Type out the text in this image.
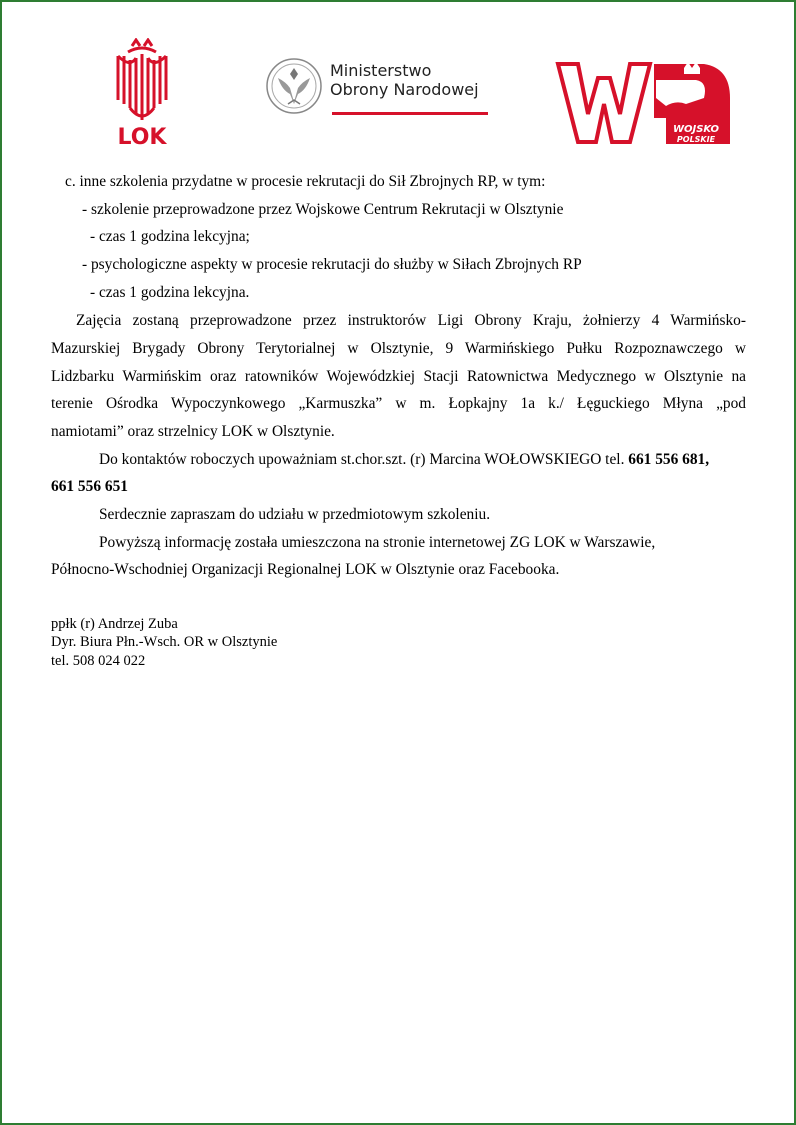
LOK
Ministerstwo
Obrony Narodowej
WOJSKO
POLSKIE
c. inne szkolenia przydatne w procesie rekrutacji do Sił Zbrojnych RP, w tym:
- szkolenie przeprowadzone przez Wojskowe Centrum Rekrutacji w Olsztynie
- czas 1 godzina lekcyjna;
- psychologiczne aspekty w procesie rekrutacji do służby w Siłach Zbrojnych RP
- czas 1 godzina lekcyjna.
Zajęcia zostaną przeprowadzone przez instruktorów Ligi Obrony Kraju, żołnierzy 4 Warmińsko-
Mazurskiej Brygady Obrony Terytorialnej w Olsztynie, 9 Warmińskiego Pułku Rozpoznawczego w
Lidzbarku Warmińskim oraz ratowników Wojewódzkiej Stacji Ratownictwa Medycznego w Olsztynie na
terenie Ośrodka Wypoczynkowego „Karmuszka” w m. Łopkajny 1a k./ Łęguckiego Młyna „pod
namiotami” oraz strzelnicy LOK w Olsztynie.
Do kontaktów roboczych upoważniam st.chor.szt. (r) Marcina WOŁOWSKIEGO tel. 661 556 681,
661 556 651
Serdecznie zapraszam do udziału w przedmiotowym szkoleniu.
Powyższą informację została umieszczona na stronie internetowej ZG LOK w Warszawie,
Północno-Wschodniej Organizacji Regionalnej LOK w Olsztynie oraz Facebooka.
ppłk (r) Andrzej Zuba
Dyr. Biura Płn.-Wsch. OR w Olsztynie
tel. 508 024 022
